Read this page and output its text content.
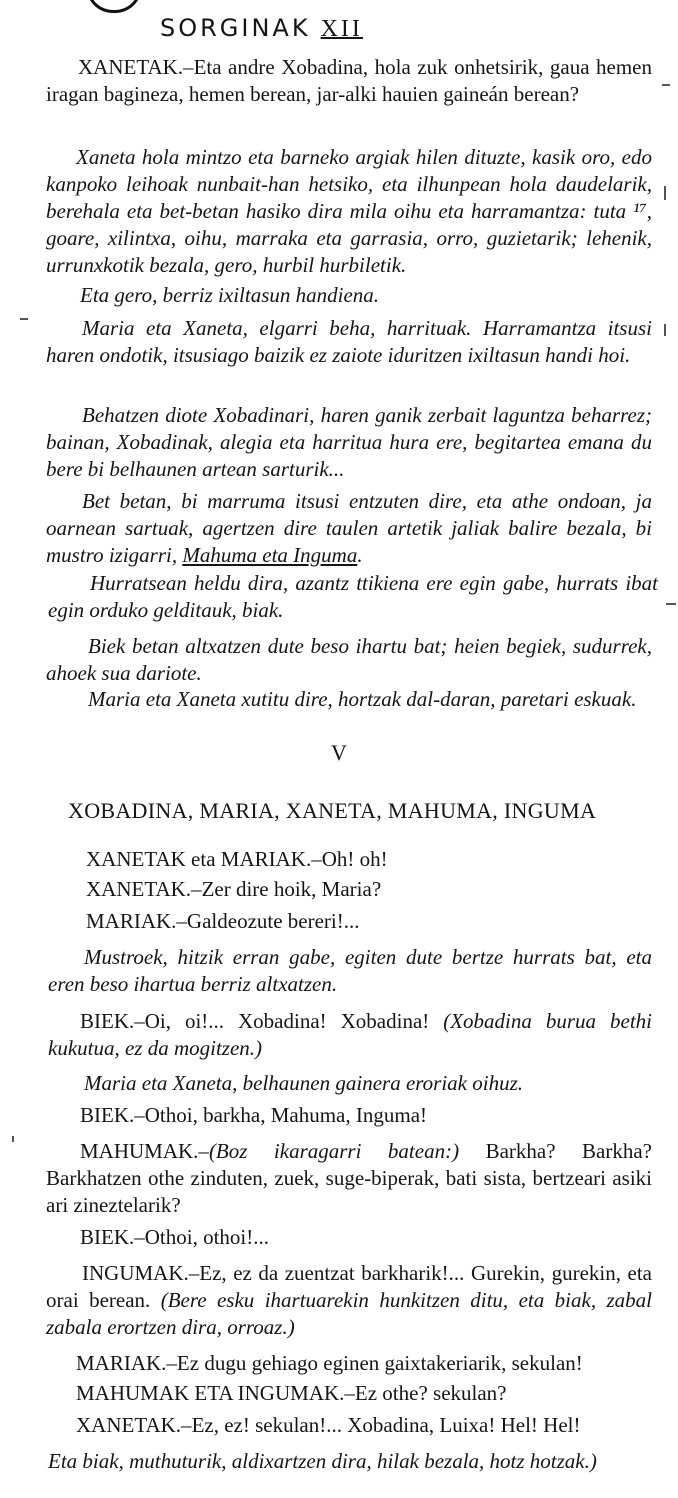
SORGINAK XII

XANETAK.–Eta andre Xobadina, hola zuk onhetsirik, gaua hemen iragan bagineza, hemen berean, jar-alki hauien gaineán berean?

Xaneta hola mintzo eta barneko argiak hilen dituzte, kasik oro, edo kanpoko leihoak nunbait-han hetsiko, eta ilhunpean hola daudelarik, berehala eta bet-betan hasiko dira mila oihu eta harramantza: tuta ¹⁷, goare, xilintxa, oihu, marraka eta garrasia, orro, guzietarik; lehenik, urrunxkotik bezala, gero, hurbil hurbiletik.

Eta gero, berriz ixiltasun handiena.

Maria eta Xaneta, elgarri beha, harrituak. Harramantza itsusi haren ondotik, itsusiago baizik ez zaiote iduritzen ixiltasun handi hoi.

Behatzen diote Xobadinari, haren ganik zerbait laguntza beharrez; bainan, Xobadinak, alegia eta harritua hura ere, begitartea emana du bere bi belhaunen artean sarturik...

Bet betan, bi marruma itsusi entzuten dire, eta athe ondoan, ja oarnean sartuak, agertzen dire taulen artetik jaliak balire bezala, bi mustro izigarri, Mahuma eta Inguma.

Hurratsean heldu dira, azantz ttikiena ere egin gabe, hurrats ibat egin orduko gelditauk, biak.

Biek betan altxatzen dute beso ihartu bat; heien begiek, sudurrek, ahoek sua dariote.

Maria eta Xaneta xutitu dire, hortzak dal-daran, paretari eskuak.

V
XOBADINA, MARIA, XANETA, MAHUMA, INGUMA

XANETAK eta MARIAK.–Oh! oh!

XANETAK.–Zer dire hoik, Maria?

MARIAK.–Galdeozute bereri!...

Mustroek, hitzik erran gabe, egiten dute bertze hurrats bat, eta eren beso ihartua berriz altxatzen.

BIEK.–Oi, oi!... Xobadina! Xobadina! (Xobadina burua bethi kukutua, ez da mogitzen.)

Maria eta Xaneta, belhaunen gainera eroriak oihuz.

BIEK.–Othoi, barkha, Mahuma, Inguma!

MAHUMAK.–(Boz ikaragarri batean:) Barkha? Barkha? Barkhatzen othe zinduten, zuek, suge-biperak, bati sista, bertzeari asiki ari zineztelarik?

BIEK.–Othoi, othoi!...

INGUMAK.–Ez, ez da zuentzat barkharik!... Gurekin, gurekin, eta orai berean. (Bere esku ihartuarekin hunkitzen ditu, eta biak, zabal zabala erortzen dira, orroaz.)

MARIAK.–Ez dugu gehiago eginen gaixtakeriarik, sekulan!

MAHUMAK ETA INGUMAK.–Ez othe? sekulan?

XANETAK.–Ez, ez! sekulan!... Xobadina, Luixa! Hel! Hel!

Eta biak, muthuturik, aldixartzen dira, hilak bezala, hotz hotzak.)
